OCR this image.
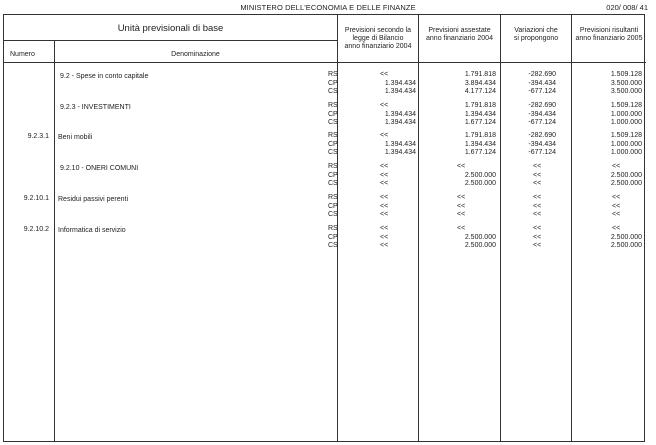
MINISTERO DELL'ECONOMIA E DELLE FINANZE	020/ 008/ 41
Unità previsionali di base
Numero	Denominazione
Previsioni secondo la
legge di Bilancio
anno finanziario 2004
Previsioni assestate
anno finanziario 2004
Variazioni che
si propongono
Previsioni risultanti
anno finanziario 2005
9.2 - Spese in conto capitale	RS	<<	1.791.818	-282.690	1.509.128
CP	1.394.434	3.894.434	-394.434	3.500.000
CS	1.394.434	4.177.124	-677.124	3.500.000
9.2.3 - INVESTIMENTI	RS	<<	1.791.818	-282.690	1.509.128
CP	1.394.434	1.394.434	-394.434	1.000.000
CS	1.394.434	1.677.124	-677.124	1.000.000
9.2.3.1 Beni mobili	RS	<<	1.791.818	-282.690	1.509.128
CP	1.394.434	1.394.434	-394.434	1.000.000
CS	1.394.434	1.677.124	-677.124	1.000.000
9.2.10 - ONERI COMUNI	RS	<<	<<	<<	<<
CP	<<	2.500.000	<<	2.500.000
CS	<<	2.500.000	<<	2.500.000
9.2.10.1 Residui passivi perenti	RS	<<	<<	<<	<<
CP	<<	<<	<<	<<
CS	<<	<<	<<	<<
9.2.10.2 Informatica di servizio	RS	<<	<<	<<	<<
CP	<<	2.500.000	<<	2.500.000
CS	<<	2.500.000	<<	2.500.000
